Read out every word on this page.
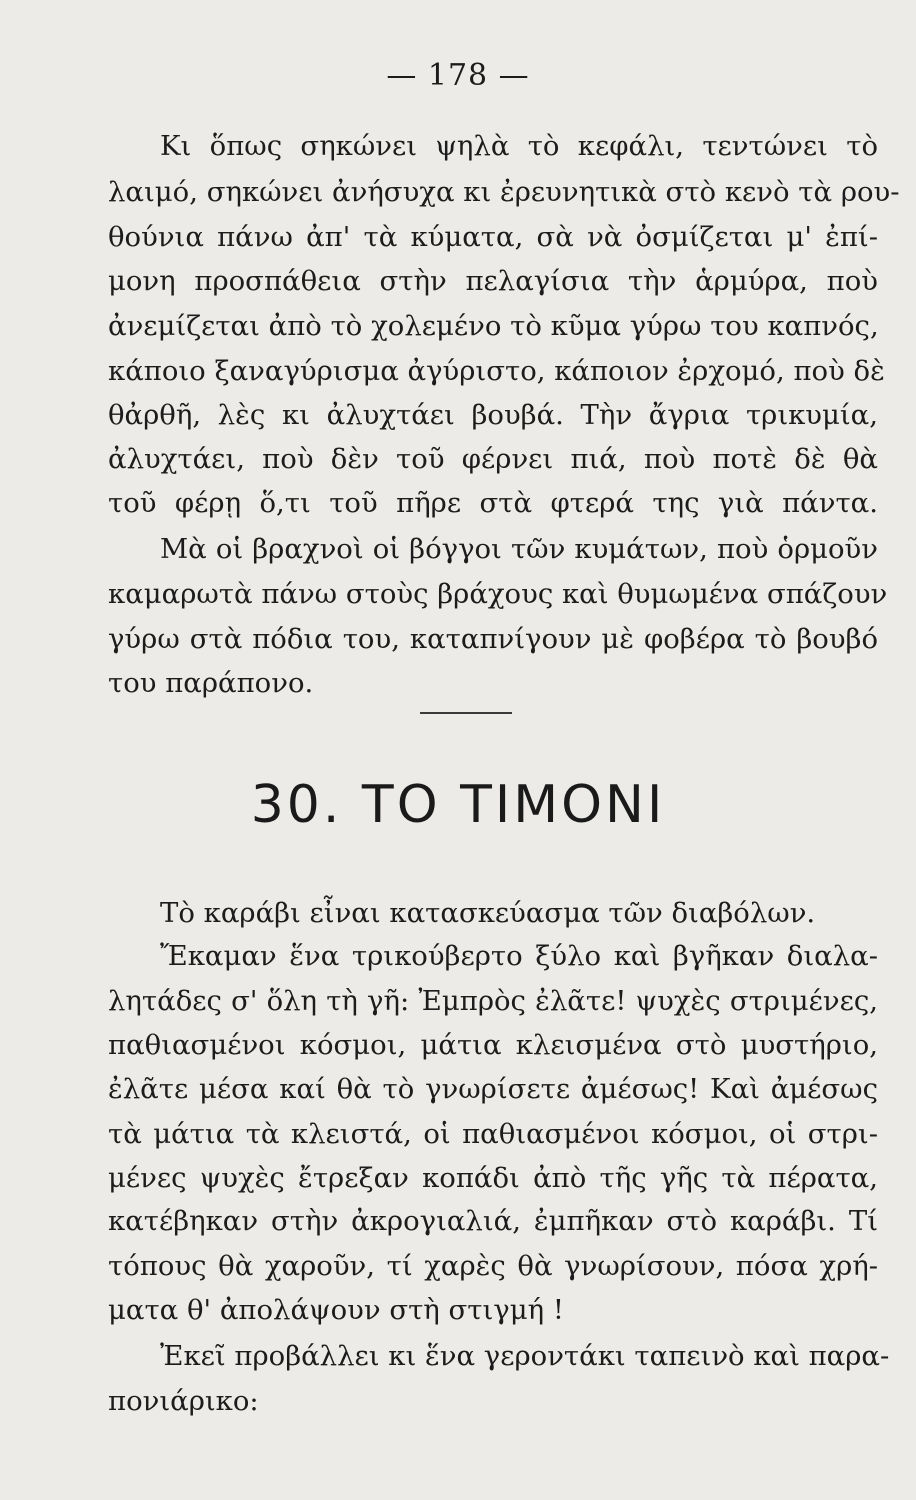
— 178 —
Κι ὅπως σηκώνει ψηλὰ τὸ κεφάλι, τεντώνει τὸ
λαιμό, σηκώνει ἀνήσυχα κι ἐρευνητικὰ στὸ κενὸ τὰ ρου-
θούνια πάνω ἀπ' τὰ κύματα, σὰ νὰ ὀσμίζεται μ' ἐπί-
μονη προσπάθεια στὴν πελαγίσια τὴν ἁρμύρα, ποὺ
ἀνεμίζεται ἀπὸ τὸ χολεμένο τὸ κῦμα γύρω του καπνός,
κάποιο ξαναγύρισμα ἀγύριστο, κάποιον ἐρχομό, ποὺ δὲ
θἀρθῆ, λὲς κι ἀλυχτάει βουβά. Τὴν ἄγρια τρικυμία,
ἀλυχτάει, ποὺ δὲν τοῦ φέρνει πιά, ποὺ ποτὲ δὲ θὰ
τοῦ φέρῃ ὅ,τι τοῦ πῆρε στὰ φτερά της γιὰ πάντα.
Μὰ οἱ βραχνοὶ οἱ βόγγοι τῶν κυμάτων, ποὺ ὁρμοῦν
καμαρωτὰ πάνω στοὺς βράχους καὶ θυμωμένα σπάζουν
γύρω στὰ πόδια του, καταπνίγουν μὲ φοβέρα τὸ βουβό
του παράπονο.
30. ΤΟ ΤΙΜΟΝΙ
Τὸ καράβι εἶναι κατασκεύασμα τῶν διαβόλων.
Ἔκαμαν ἕνα τρικούβερτο ξύλο καὶ βγῆκαν διαλα-
λητάδες σ' ὅλη τὴ γῆ: Ἐμπρὸς ἐλᾶτε! ψυχὲς στριμένες,
παθιασμένοι κόσμοι, μάτια κλεισμένα στὸ μυστήριο,
ἐλᾶτε μέσα καί θὰ τὸ γνωρίσετε ἀμέσως! Καὶ ἀμέσως
τὰ μάτια τὰ κλειστά, οἱ παθιασμένοι κόσμοι, οἱ στρι-
μένες ψυχὲς ἔτρεξαν κοπάδι ἀπὸ τῆς γῆς τὰ πέρατα,
κατέβηκαν στὴν ἀκρογιαλιά, ἐμπῆκαν στὸ καράβι. Τί
τόπους θὰ χαροῦν, τί χαρὲς θὰ γνωρίσουν, πόσα χρή-
ματα θ' ἀπολάψουν στὴ στιγμή !
Ἐκεῖ προβάλλει κι ἕνα γεροντάκι ταπεινὸ καὶ παρα-
πονιάρικο:
